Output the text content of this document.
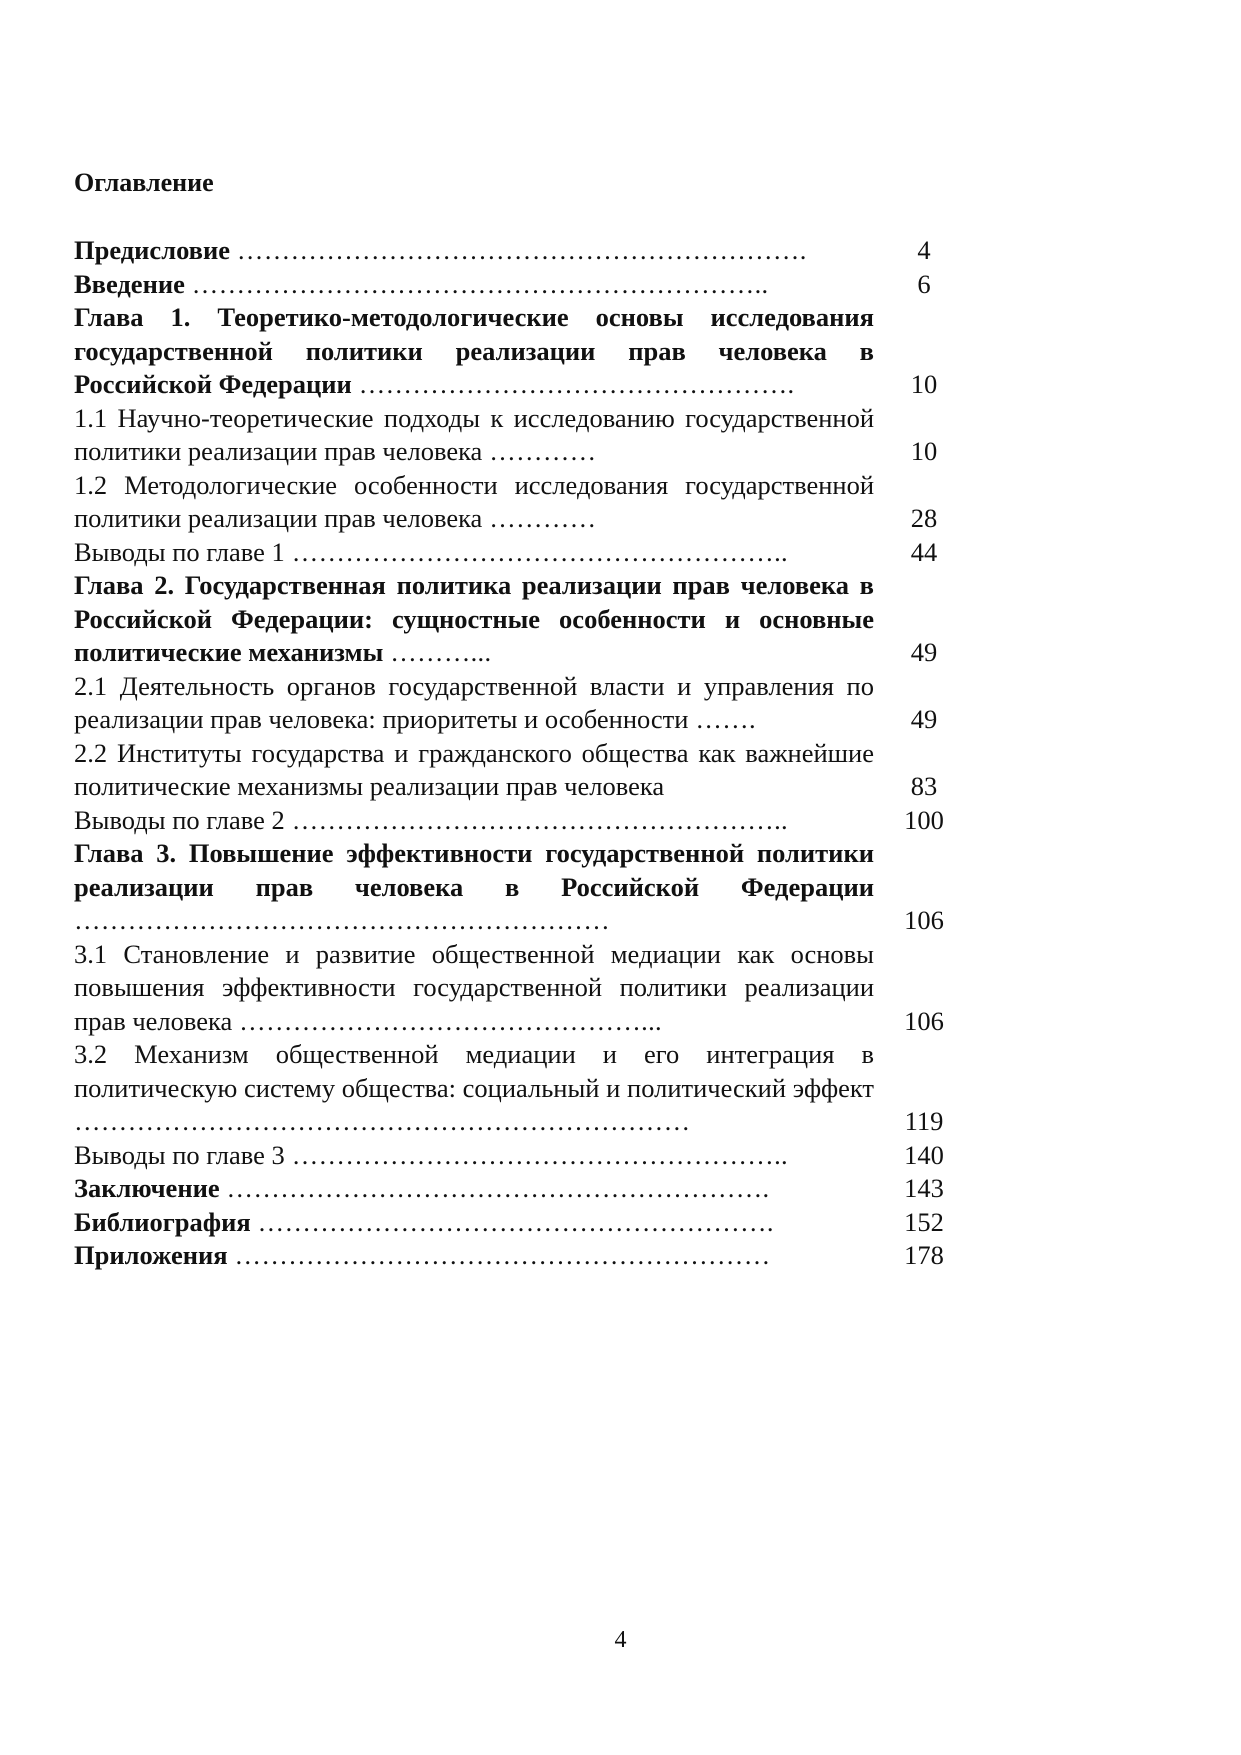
Оглавление
Предисловие ……………………………………………………….	4
Введение ………………………………………………………..	6
Глава 1. Теоретико-методологические основы исследования государственной политики реализации прав человека в Российской Федерации ………………………………………….	10
1.1 Научно-теоретические подходы к исследованию государственной политики реализации прав человека …………	10
1.2 Методологические особенности исследования государственной политики реализации прав человека …………	28
Выводы по главе 1 ………………………………………………..	44
Глава 2. Государственная политика реализации прав человека в Российской Федерации: сущностные особенности и основные политические механизмы ………...	49
2.1 Деятельность органов государственной власти и управления по реализации прав человека: приоритеты и особенности …….	49
2.2 Институты государства и гражданского общества как важнейшие политические механизмы реализации прав человека	83
Выводы по главе 2 ………………………………………………..	100
Глава 3. Повышение эффективности государственной политики реализации прав человека в Российской Федерации ……………………………………………………	106
3.1 Становление и развитие общественной медиации как основы повышения эффективности государственной политики реализации прав человека ………………………………………...	106
3.2 Механизм общественной медиации и его интеграция в политическую систему общества: социальный и политический эффект ……………………………………………………………	119
Выводы по главе 3 ………………………………………………..	140
Заключение …………………………………………………….	143
Библиография ………………………………………………….	152
Приложения ……………………………………………………	178
4
